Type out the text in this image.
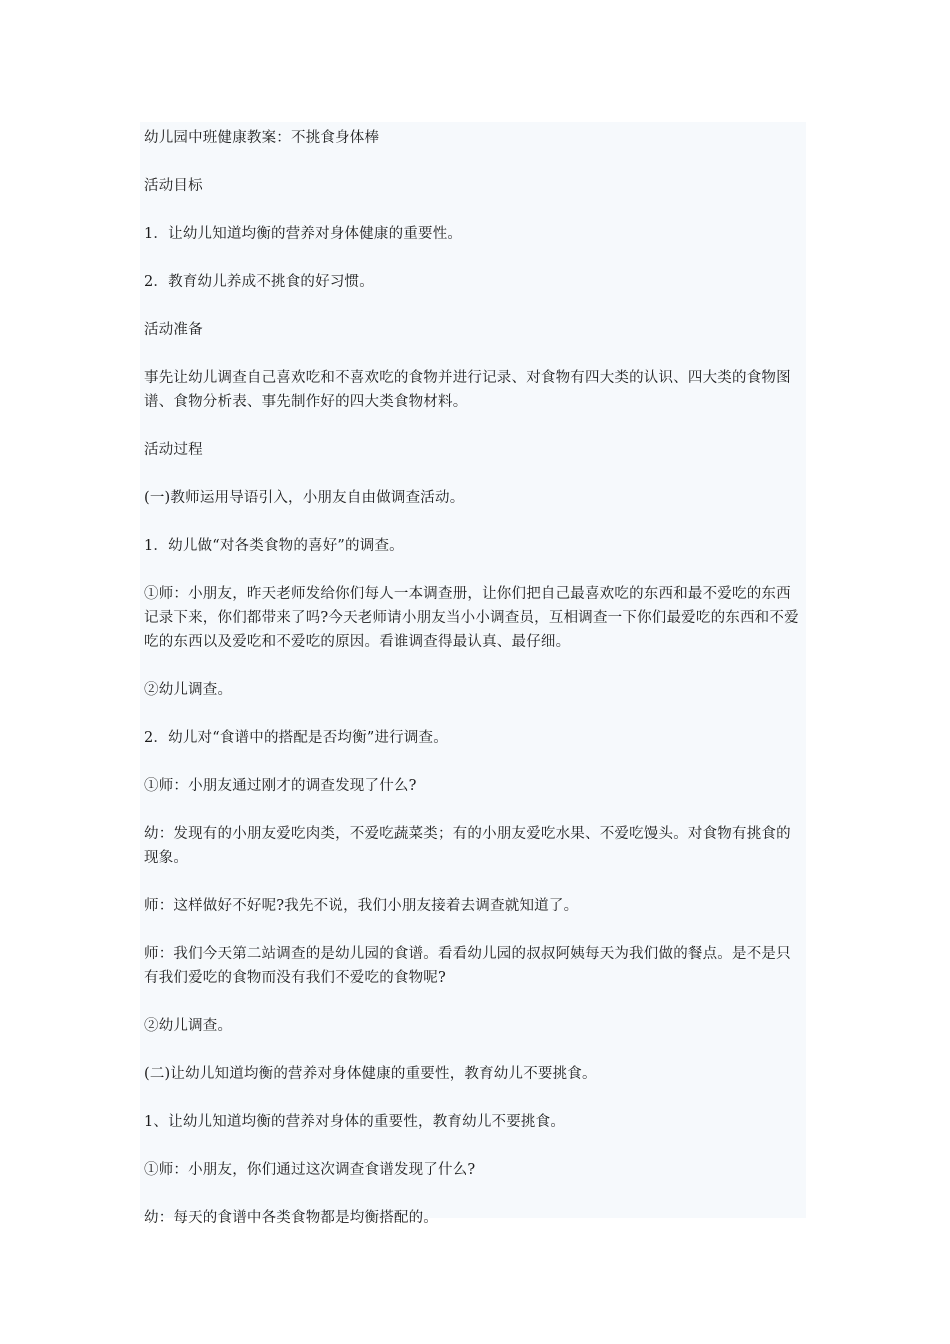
幼儿园中班健康教案：不挑食身体棒

活动目标

1．让幼儿知道均衡的营养对身体健康的重要性。

2．教育幼儿养成不挑食的好习惯。

活动准备

事先让幼儿调查自己喜欢吃和不喜欢吃的食物并进行记录、对食物有四大类的认识、四大类的食物图谱、食物分析表、事先制作好的四大类食物材料。

活动过程

(一)教师运用导语引入，小朋友自由做调查活动。

1．幼儿做“对各类食物的喜好”的调查。

①师：小朋友，昨天老师发给你们每人一本调查册，让你们把自己最喜欢吃的东西和最不爱吃的东西记录下来，你们都带来了吗?今天老师请小朋友当小小调查员，互相调查一下你们最爱吃的东西和不爱吃的东西以及爱吃和不爱吃的原因。看谁调查得最认真、最仔细。

②幼儿调查。

2．幼儿对“食谱中的搭配是否均衡”进行调查。

①师：小朋友通过刚才的调查发现了什么?

幼：发现有的小朋友爱吃肉类，不爱吃蔬菜类；有的小朋友爱吃水果、不爱吃馒头。对食物有挑食的现象。

师：这样做好不好呢?我先不说，我们小朋友接着去调查就知道了。

师：我们今天第二站调查的是幼儿园的食谱。看看幼儿园的叔叔阿姨每天为我们做的餐点。是不是只有我们爱吃的食物而没有我们不爱吃的食物呢?

②幼儿调查。

(二)让幼儿知道均衡的营养对身体健康的重要性，教育幼儿不要挑食。

1、让幼儿知道均衡的营养对身体的重要性，教育幼儿不要挑食。

①师：小朋友，你们通过这次调查食谱发现了什么?

幼：每天的食谱中各类食物都是均衡搭配的。
